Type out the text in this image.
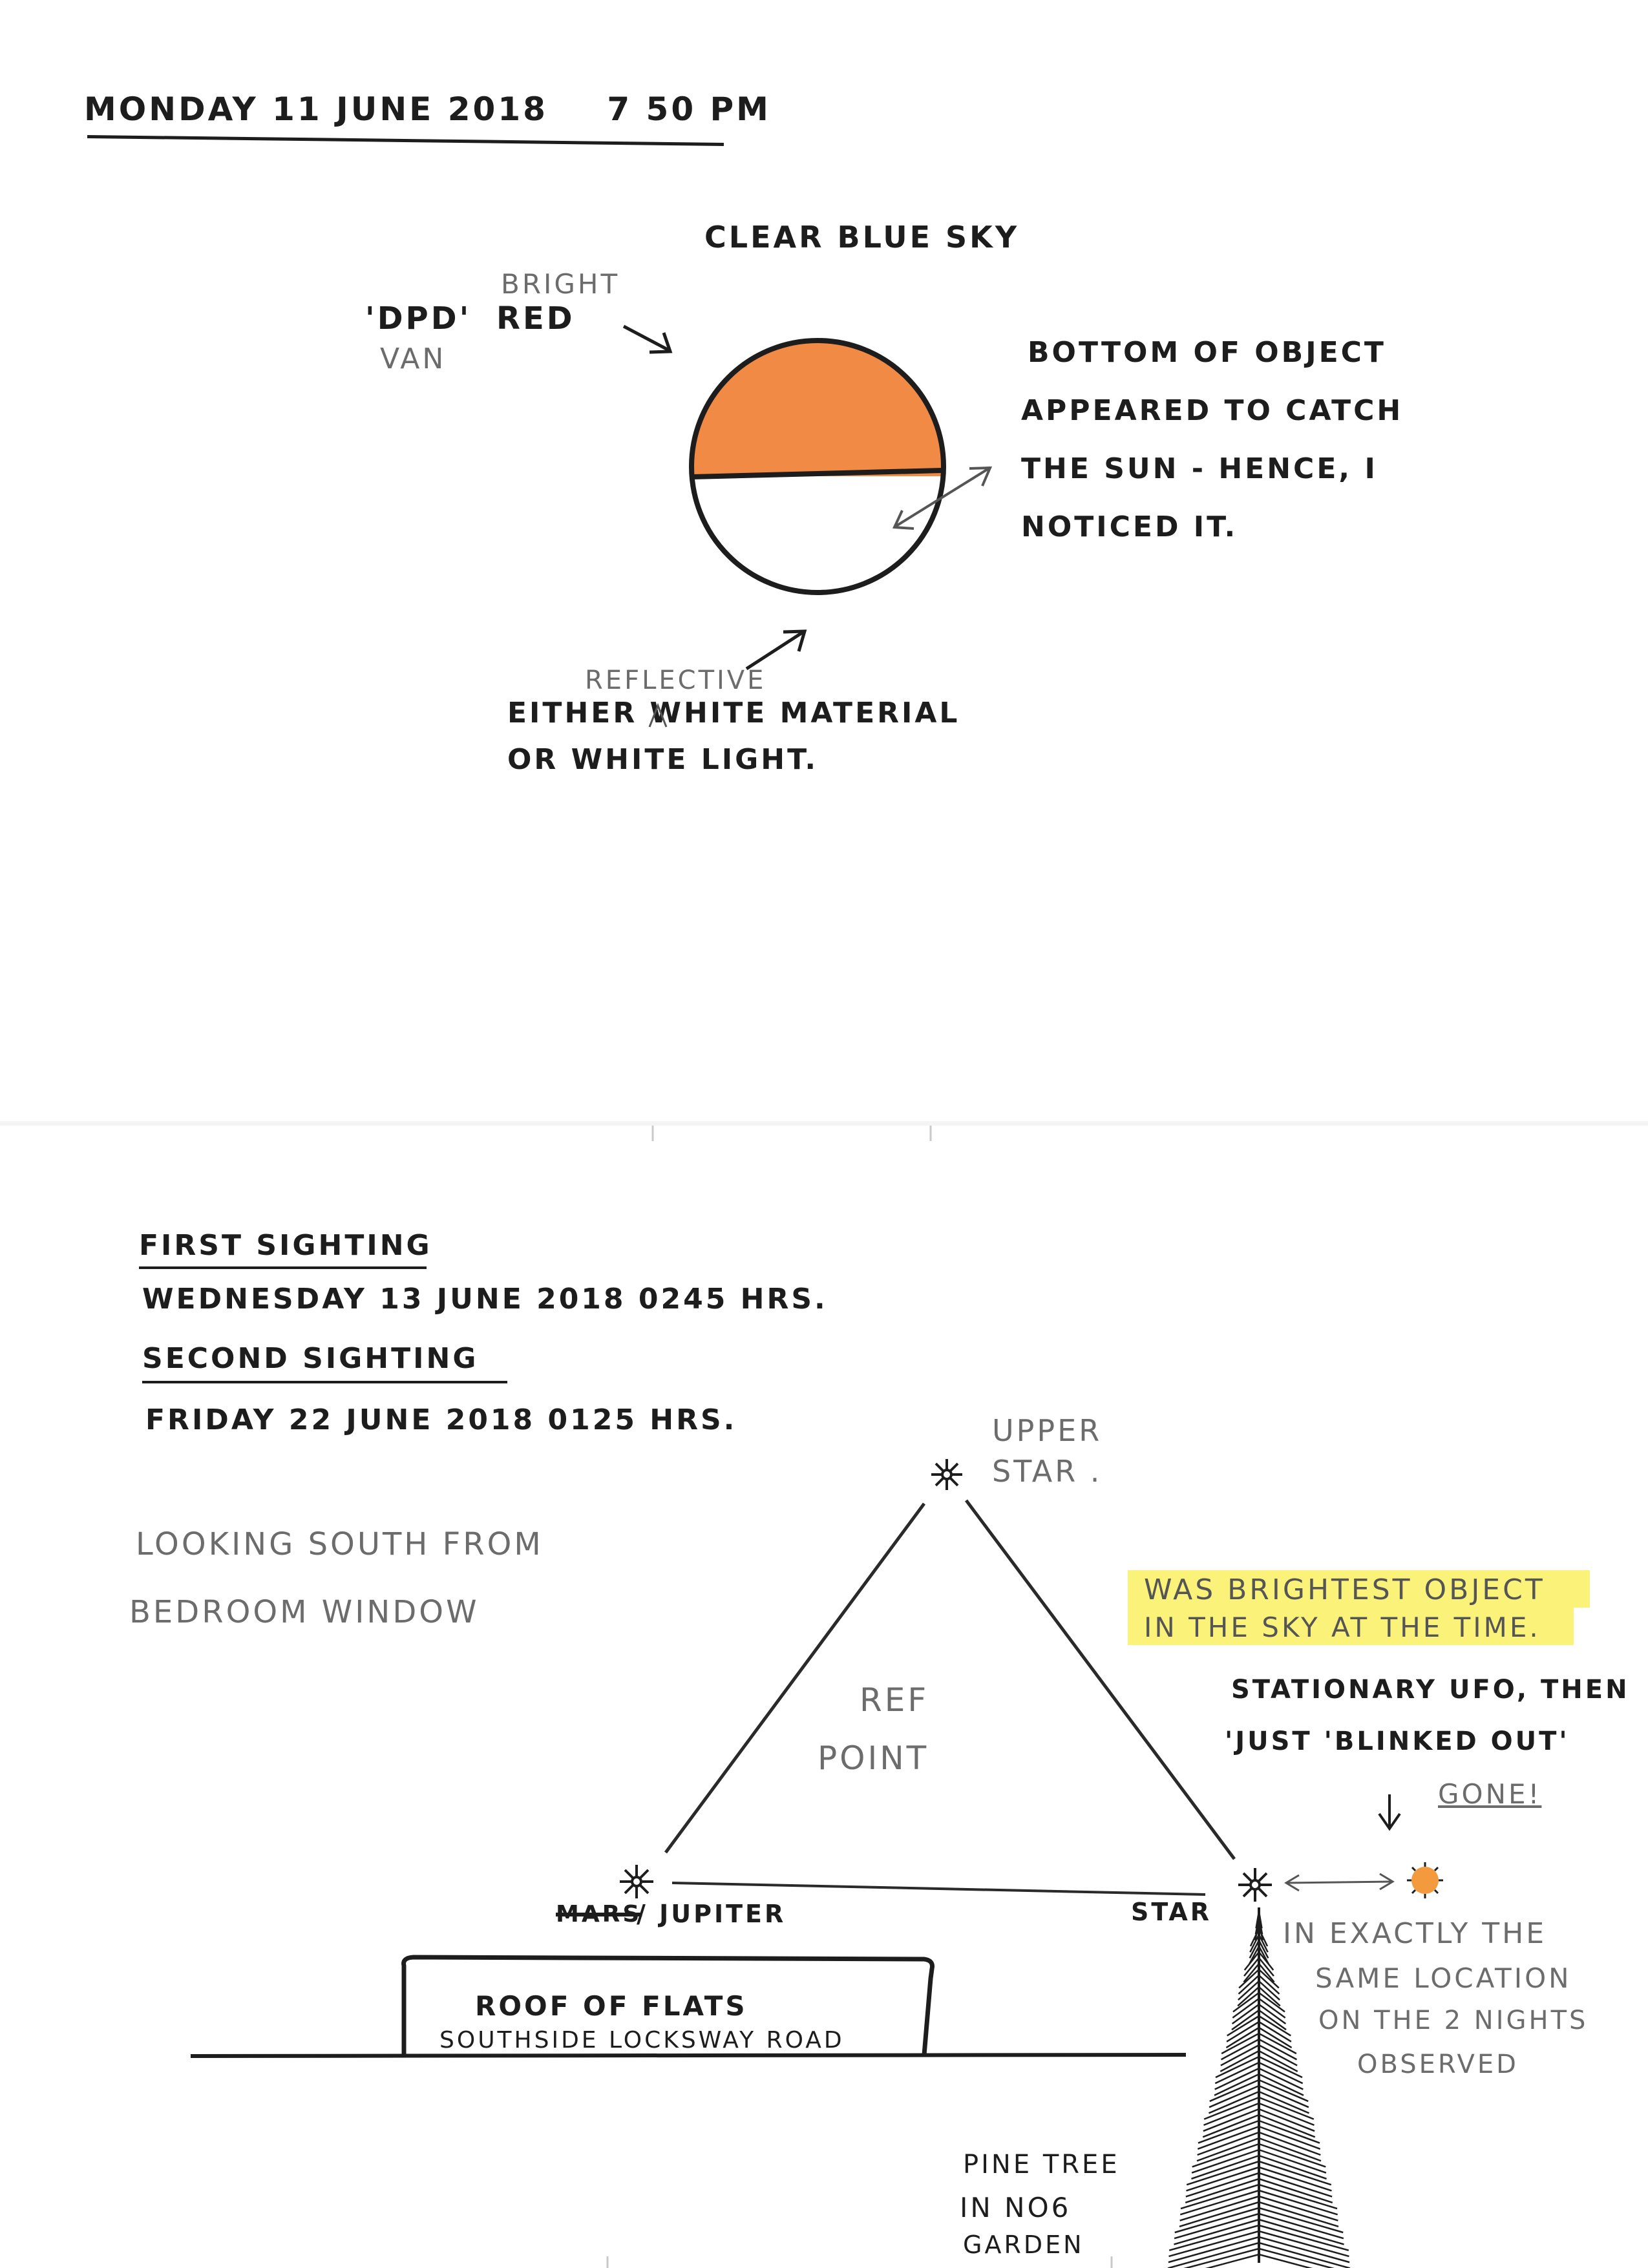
MONDAY 11 JUNE 2018 7 50 PM
CLEAR BLUE SKY
BRIGHT
'DPD' RED
VAN	BOTTOM OF OBJECT
APPEARED TO CATCH
THE SUN - HENCE, I
NOTICED IT.
REFLECTIVE
EITHER WHITE MATERIAL
OR WHITE LIGHT.
FIRST SIGHTING
WEDNESDAY 13 JUNE 2018 0245 HRS.
SECOND SIGHTING
FRIDAY 22 JUNE 2018 0125 HRS.
LOOKING SOUTH FROM
BEDROOM WINDOW
UPPER
STAR .
WAS BRIGHTEST OBJECT
IN THE SKY AT THE TIME.
REF
POINT
STATIONARY UFO, THEN
'JUST 'BLINKED OUT'
GONE!
MARS
/ JUPITER	STAR
IN EXACTLY THE
SAME LOCATION
ON THE 2 NIGHTS
OBSERVED
ROOF OF FLATS
SOUTHSIDE LOCKSWAY ROAD
PINE TREE
IN NO6
GARDEN
